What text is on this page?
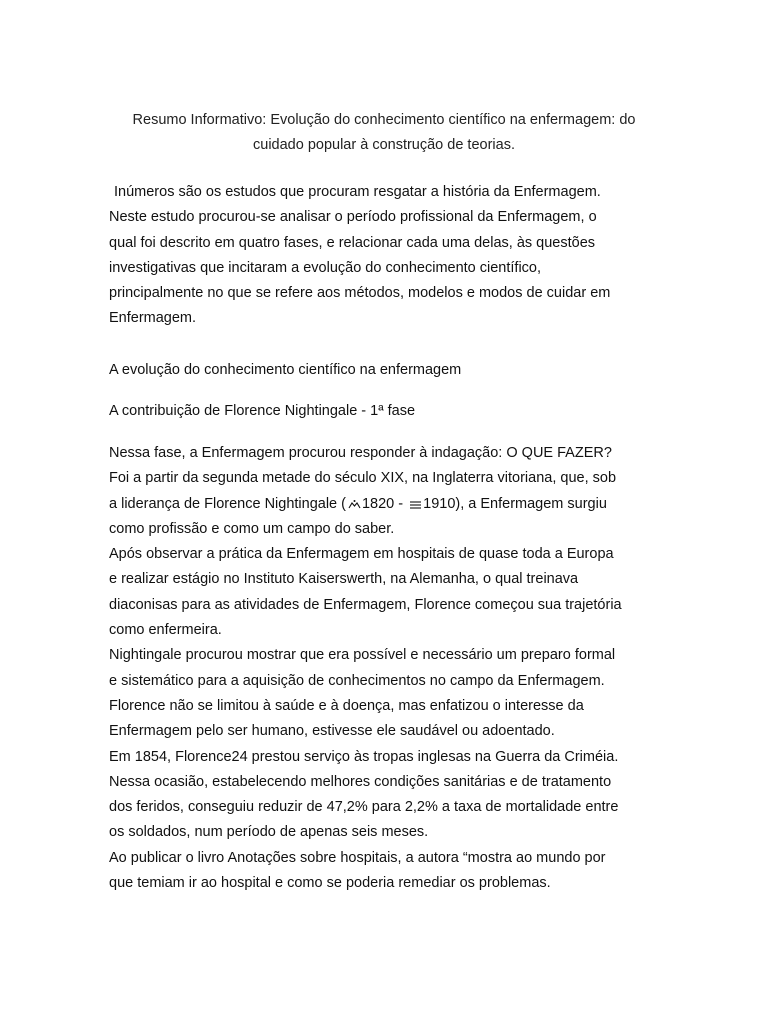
Resumo Informativo: Evolução do conhecimento científico na enfermagem: do
cuidado popular à construção de teorias.
Inúmeros são os estudos que procuram resgatar a história da Enfermagem.
Neste estudo procurou-se analisar o período profissional da Enfermagem, o
qual foi descrito em quatro fases, e relacionar cada uma delas, às questões
investigativas que incitaram a evolução do conhecimento científico,
principalmente no que se refere aos métodos, modelos e modos de cuidar em
Enfermagem.
A evolução do conhecimento científico na enfermagem
A contribuição de Florence Nightingale - 1ª fase
Nessa fase, a Enfermagem procurou responder à indagação: O QUE FAZER?
Foi a partir da segunda metade do século XIX, na Inglaterra vitoriana, que, sob
a liderança de Florence Nightingale ( 1820 -
1910), a Enfermagem surgiu
como profissão e como um campo do saber.
Após observar a prática da Enfermagem em hospitais de quase toda a Europa
e realizar estágio no Instituto Kaiserswerth, na Alemanha, o qual treinava
diaconisas para as atividades de Enfermagem, Florence começou sua trajetória
como enfermeira.
Nightingale procurou mostrar que era possível e necessário um preparo formal
e sistemático para a aquisição de conhecimentos no campo da Enfermagem.
Florence não se limitou à saúde e à doença, mas enfatizou o interesse da
Enfermagem pelo ser humano, estivesse ele saudável ou adoentado.
Em 1854, Florence24 prestou serviço às tropas inglesas na Guerra da Criméia.
Nessa ocasião, estabelecendo melhores condições sanitárias e de tratamento
dos feridos, conseguiu reduzir de 47,2% para 2,2% a taxa de mortalidade entre
os soldados, num período de apenas seis meses.
Ao publicar o livro Anotações sobre hospitais, a autora “mostra ao mundo por
que temiam ir ao hospital e como se poderia remediar os problemas.
